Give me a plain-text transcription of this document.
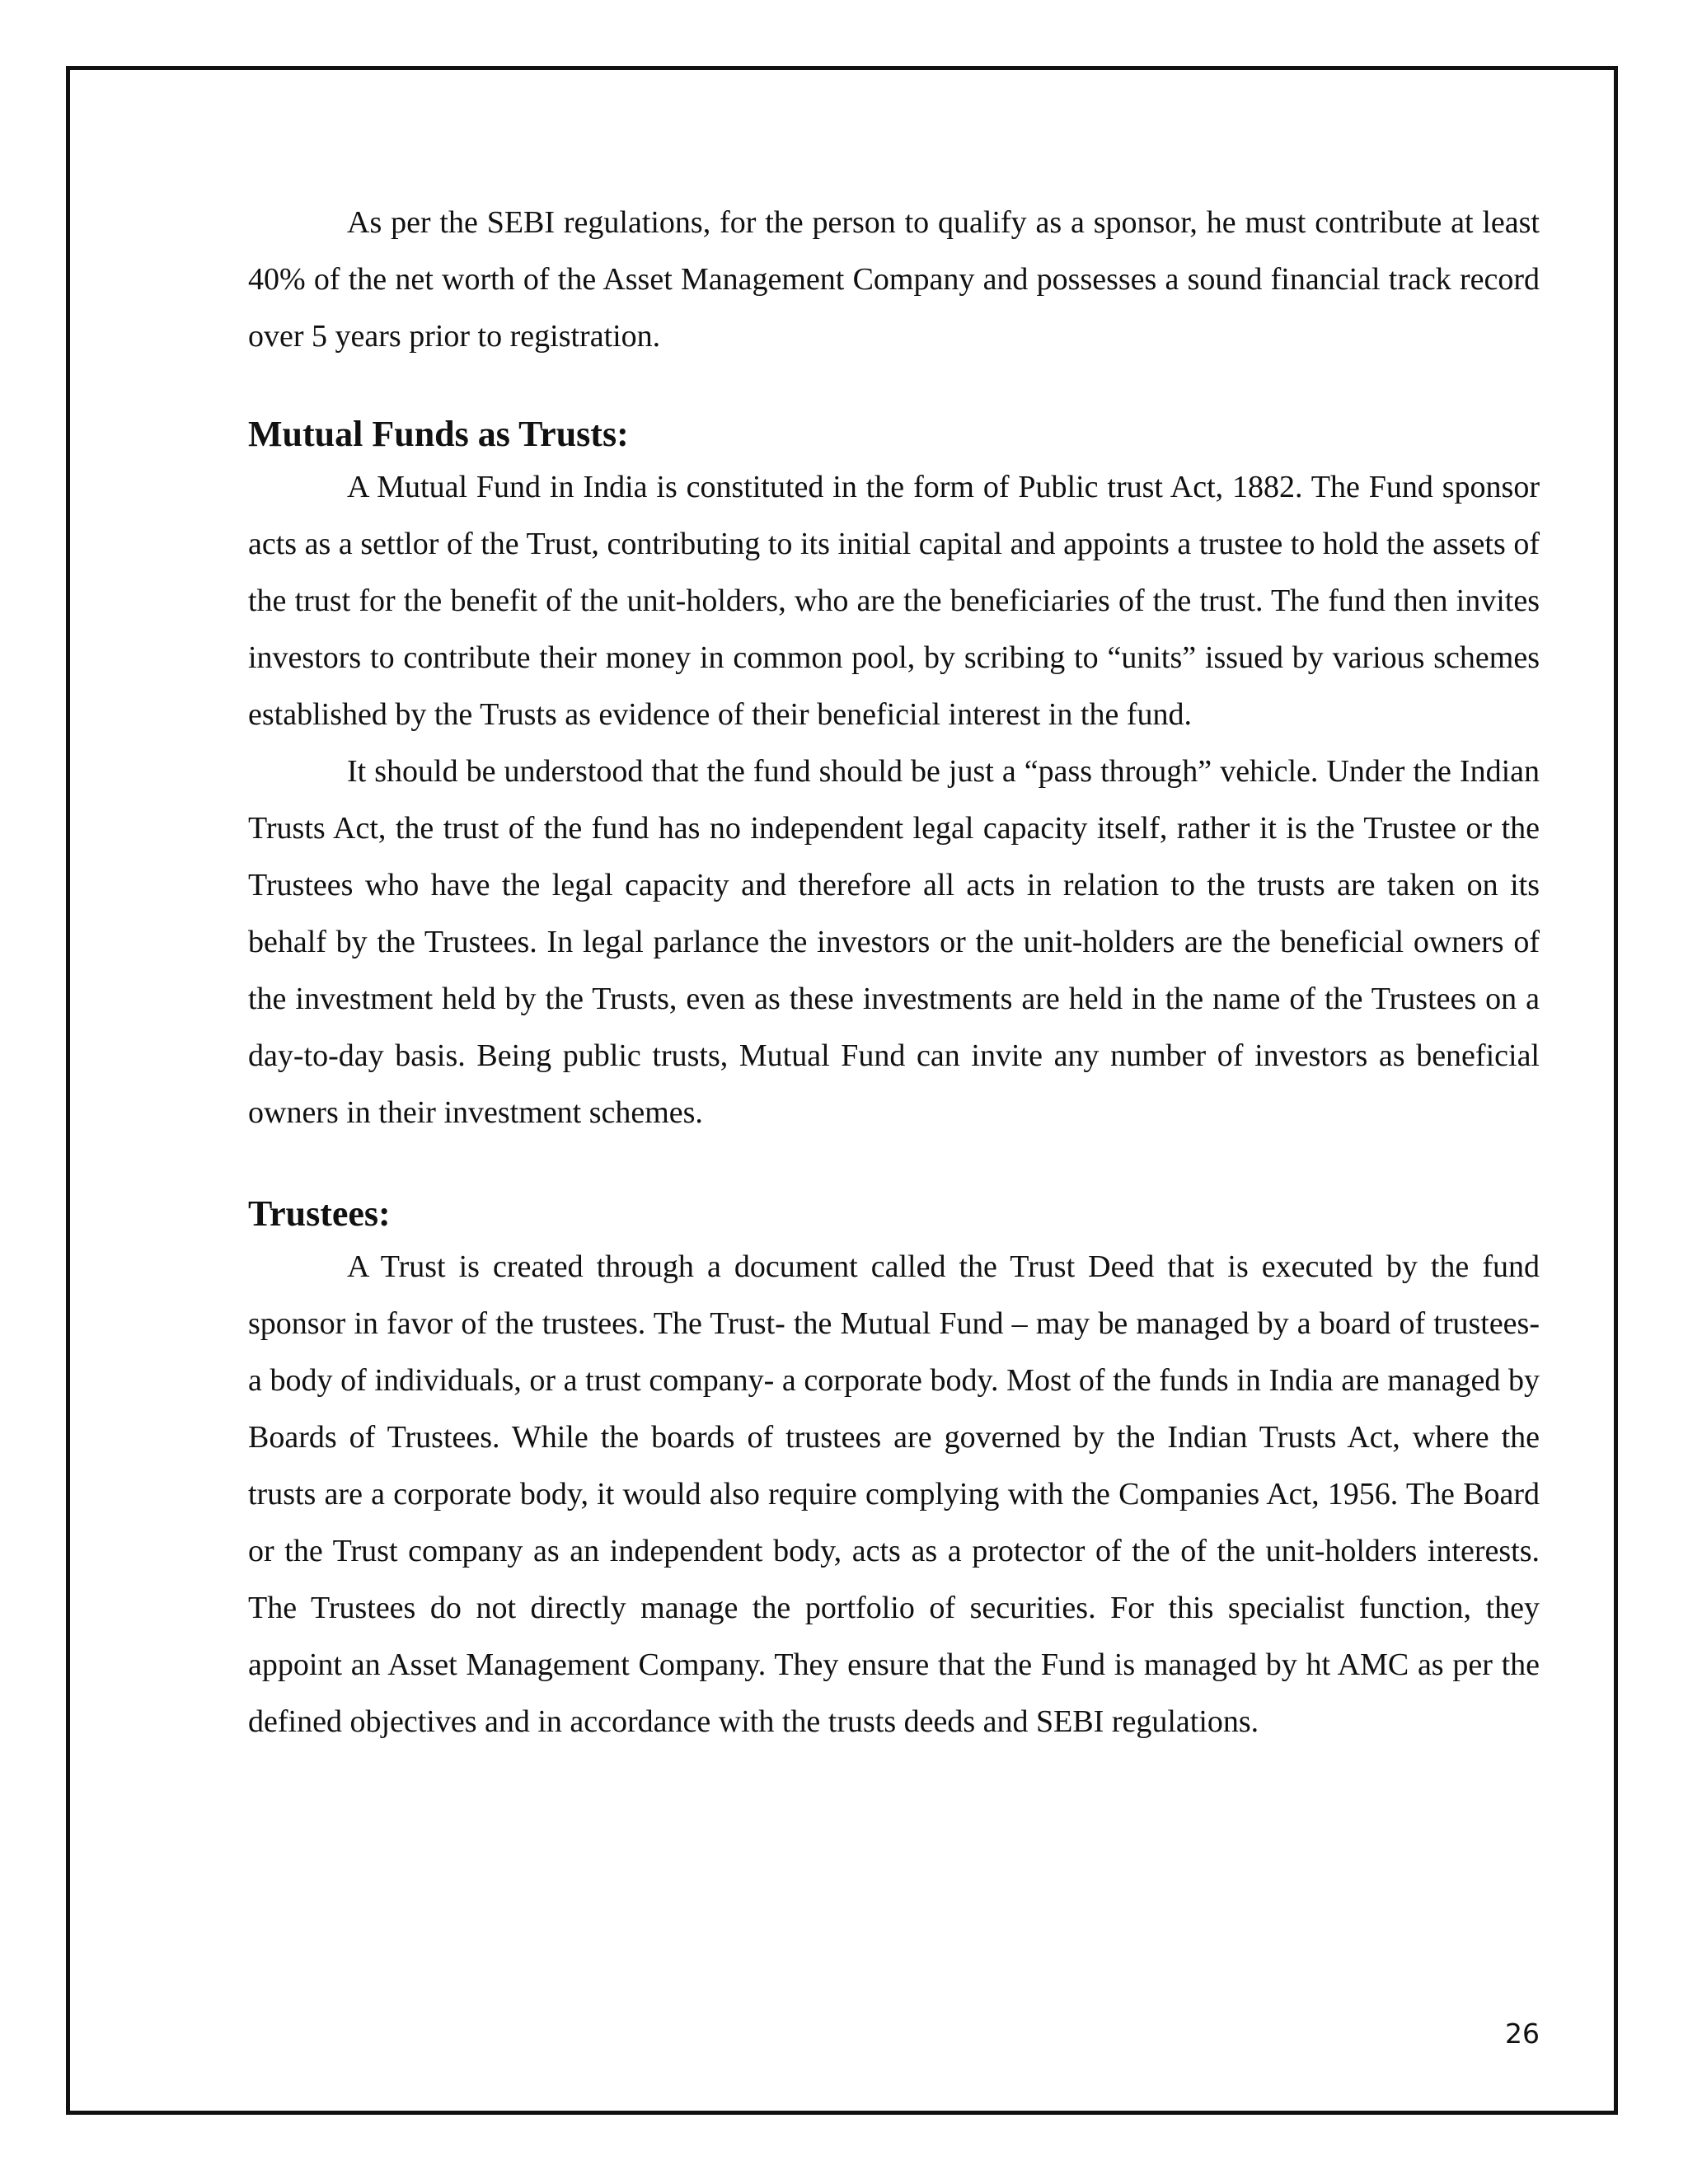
As per the SEBI regulations, for the person to qualify as a sponsor, he must contribute at least 40% of the net worth of the Asset Management Company and possesses a sound financial track record over 5 years prior to registration.

Mutual Funds as Trusts:

A Mutual Fund in India is constituted in the form of Public trust Act, 1882. The Fund sponsor acts as a settlor of the Trust, contributing to its initial capital and appoints a trustee to hold the assets of the trust for the benefit of the unit-holders, who are the beneficiaries of the trust. The fund then invites investors to contribute their money in common pool, by scribing to “units” issued by various schemes established by the Trusts as evidence of their beneficial interest in the fund.

It should be understood that the fund should be just a “pass through” vehicle. Under the Indian Trusts Act, the trust of the fund has no independent legal capacity itself, rather it is the Trustee or the Trustees who have the legal capacity and therefore all acts in relation to the trusts are taken on its behalf by the Trustees. In legal parlance the investors or the unit-holders are the beneficial owners of the investment held by the Trusts, even as these investments are held in the name of the Trustees on a day-to-day basis. Being public trusts, Mutual Fund can invite any number of investors as beneficial owners in their investment schemes.

Trustees:

A Trust is created through a document called the Trust Deed that is executed by the fund sponsor in favor of the trustees. The Trust- the Mutual Fund – may be managed by a board of trustees- a body of individuals, or a trust company- a corporate body. Most of the funds in India are managed by Boards of Trustees. While the boards of trustees are governed by the Indian Trusts Act, where the trusts are a corporate body, it would also require complying with the Companies Act, 1956. The Board or the Trust company as an independent body, acts as a protector of the of the unit-holders interests. The Trustees do not directly manage the portfolio of securities. For this specialist function, they appoint an Asset Management Company. They ensure that the Fund is managed by ht AMC as per the defined objectives and in accordance with the trusts deeds and SEBI regulations.

26
